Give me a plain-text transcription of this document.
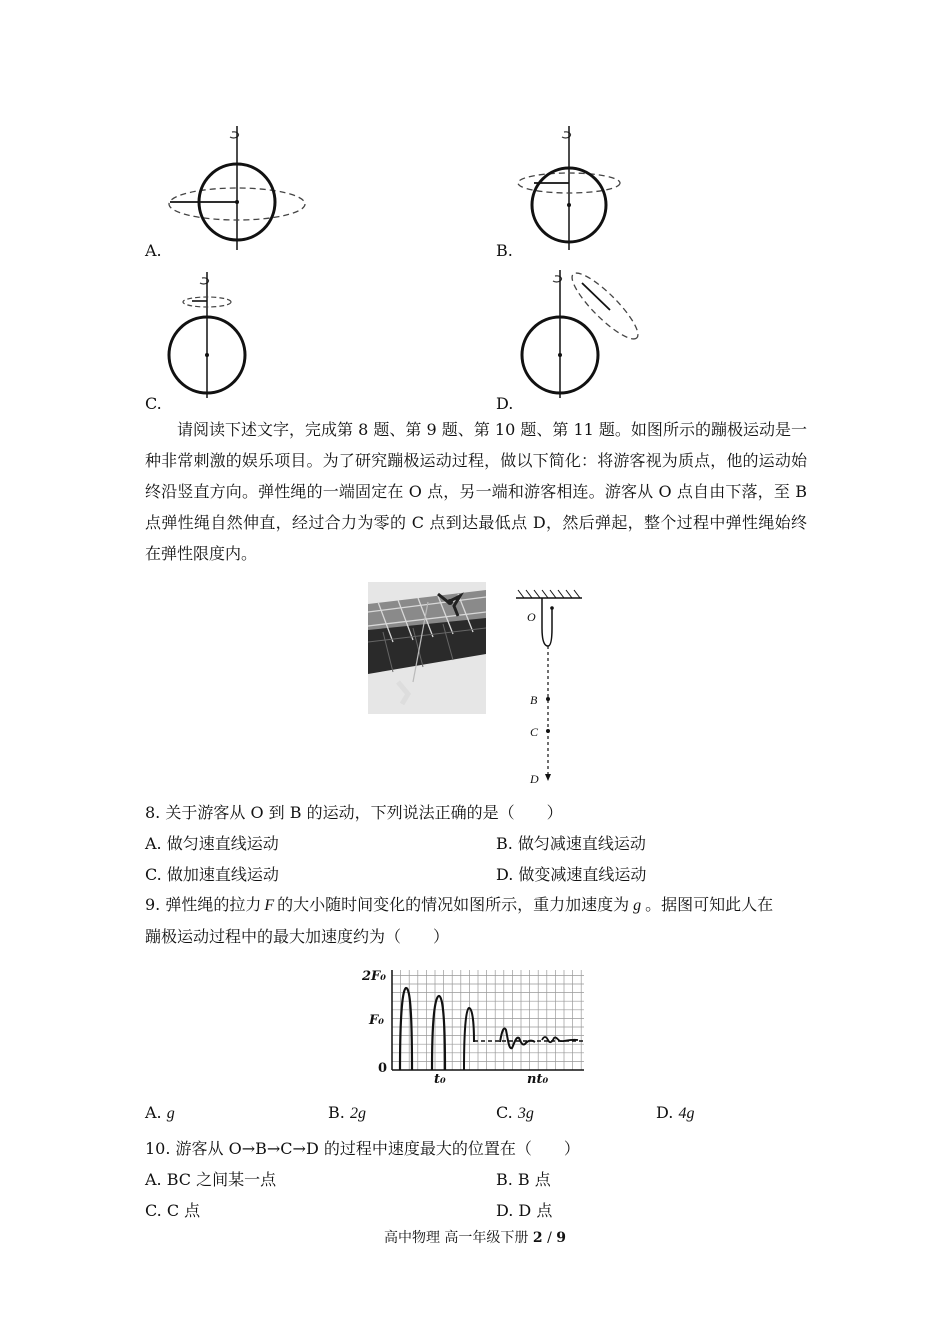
A.	B.
C.	D.
请阅读下述文字，完成第 8 题、第 9 题、第 10 题、第 11 题。如图所示的蹦极运动是一种非常刺激的娱乐项目。为了研究蹦极运动过程，做以下简化：将游客视为质点，他的运动始终沿竖直方向。弹性绳的一端固定在 O 点，另一端和游客相连。游客从 O 点自由下落，至 B 点弹性绳自然伸直，经过合力为零的 C 点到达最低点 D，然后弹起，整个过程中弹性绳始终在弹性限度内。
O
B
C
D
8. 关于游客从 O 到 B 的运动，下列说法正确的是（　　）
A. 做匀速直线运动	B. 做匀减速直线运动
C. 做加速直线运动	D. 做变减速直线运动
9. 弹性绳的拉力 F 的大小随时间变化的情况如图所示，重力加速度为 g 。据图可知此人在
蹦极运动过程中的最大加速度约为（　　）
2F₀
F₀
0
t₀	nt₀
A. g	B. 2g	C. 3g	D. 4g
10. 游客从 O→B→C→D 的过程中速度最大的位置在（　　）
A. BC 之间某一点	B. B 点
C. C 点	D. D 点
高中物理 高一年级下册 2 / 9
